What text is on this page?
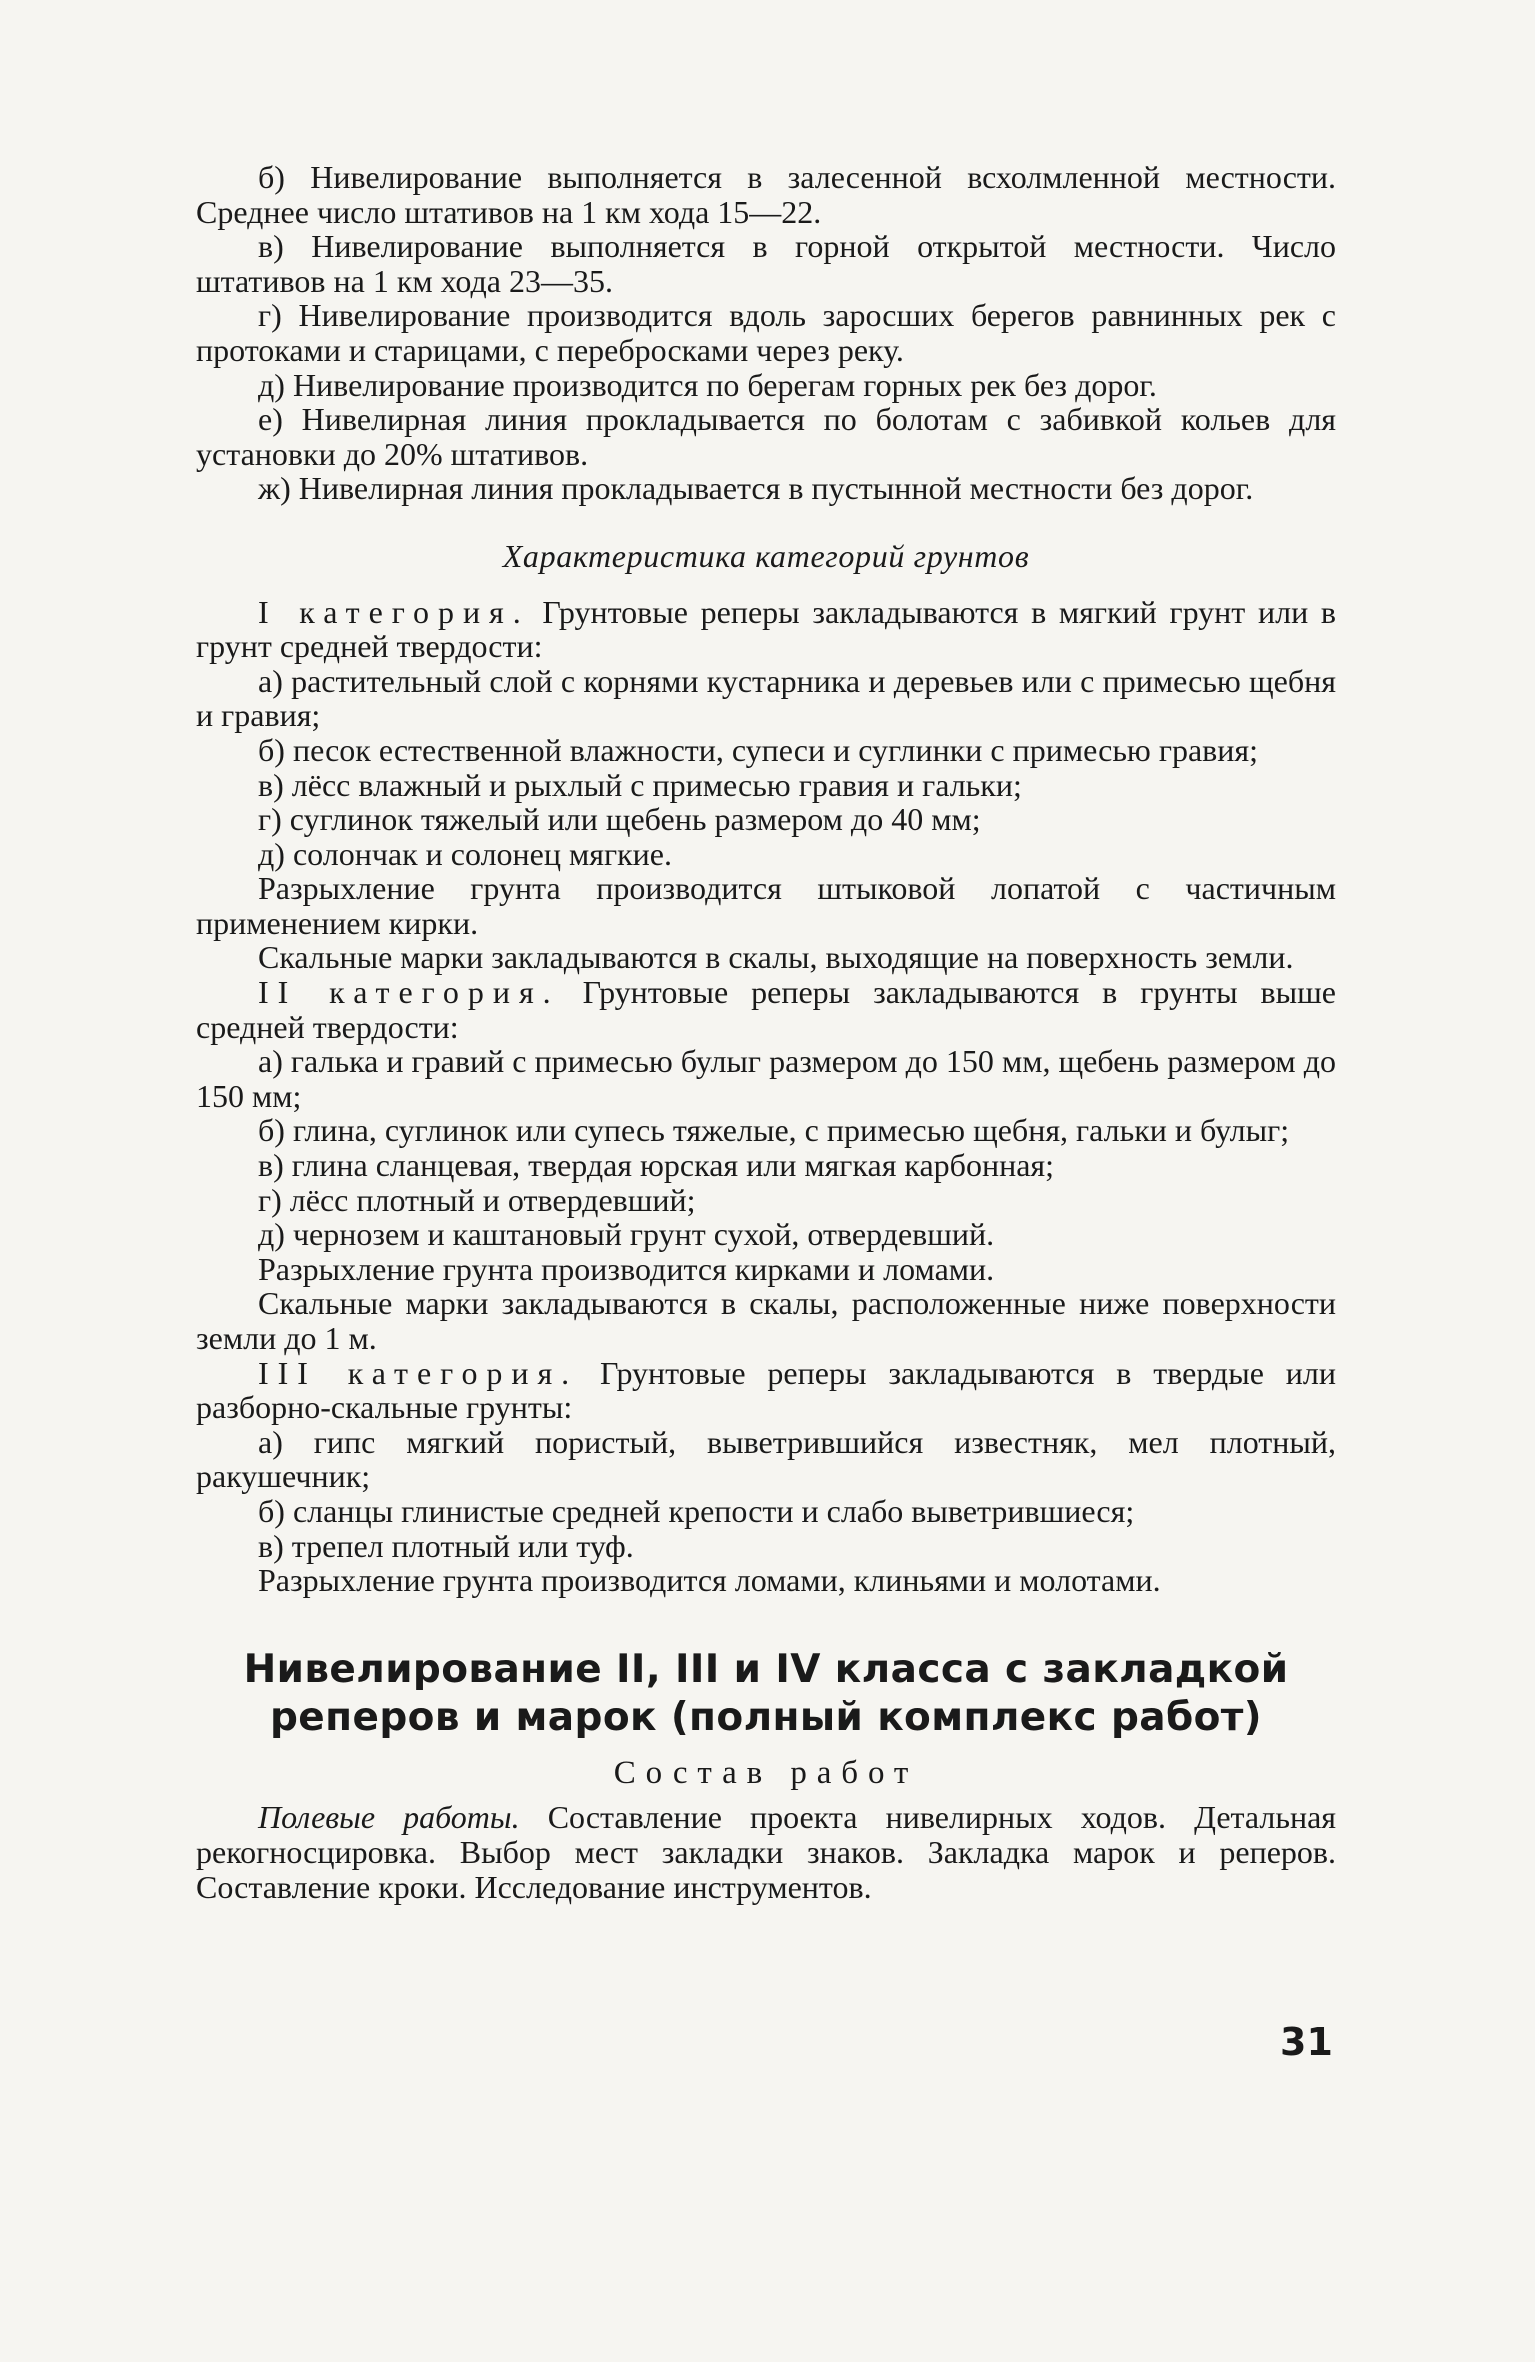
б) Нивелирование выполняется в залесенной всхолмленной местности. Среднее число штативов на 1 км хода 15—22.

в) Нивелирование выполняется в горной открытой местности. Число штативов на 1 км хода 23—35.

г) Нивелирование производится вдоль заросших берегов равнинных рек с протоками и старицами, с перебросками через реку.

д) Нивелирование производится по берегам горных рек без дорог.

е) Нивелирная линия прокладывается по болотам с забивкой кольев для установки до 20% штативов.

ж) Нивелирная линия прокладывается в пустынной местности без дорог.

Характеристика категорий грунтов

I категория. Грунтовые реперы закладываются в мягкий грунт или в грунт средней твердости:

а) растительный слой с корнями кустарника и деревьев или с примесью щебня и гравия;

б) песок естественной влажности, супеси и суглинки с примесью гравия;

в) лёсс влажный и рыхлый с примесью гравия и гальки;

г) суглинок тяжелый или щебень размером до 40 мм;

д) солончак и солонец мягкие.

Разрыхление грунта производится штыковой лопатой с частичным применением кирки.

Скальные марки закладываются в скалы, выходящие на поверхность земли.

II категория. Грунтовые реперы закладываются в грунты выше средней твердости:

а) галька и гравий с примесью булыг размером до 150 мм, щебень размером до 150 мм;

б) глина, суглинок или супесь тяжелые, с примесью щебня, гальки и булыг;

в) глина сланцевая, твердая юрская или мягкая карбонная;

г) лёсс плотный и отвердевший;

д) чернозем и каштановый грунт сухой, отвердевший.

Разрыхление грунта производится кирками и ломами.

Скальные марки закладываются в скалы, расположенные ниже поверхности земли до 1 м.

III категория. Грунтовые реперы закладываются в твердые или разборно-скальные грунты:

а) гипс мягкий пористый, выветрившийся известняк, мел плотный, ракушечник;

б) сланцы глинистые средней крепости и слабо выветрившиеся;

в) трепел плотный или туф.

Разрыхление грунта производится ломами, клиньями и молотами.

Нивелирование II, III и IV класса с закладкой реперов и марок (полный комплекс работ)

Состав работ

Полевые работы. Составление проекта нивелирных ходов. Детальная рекогносцировка. Выбор мест закладки знаков. Закладка марок и реперов. Составление кроки. Исследование инструментов.

31
